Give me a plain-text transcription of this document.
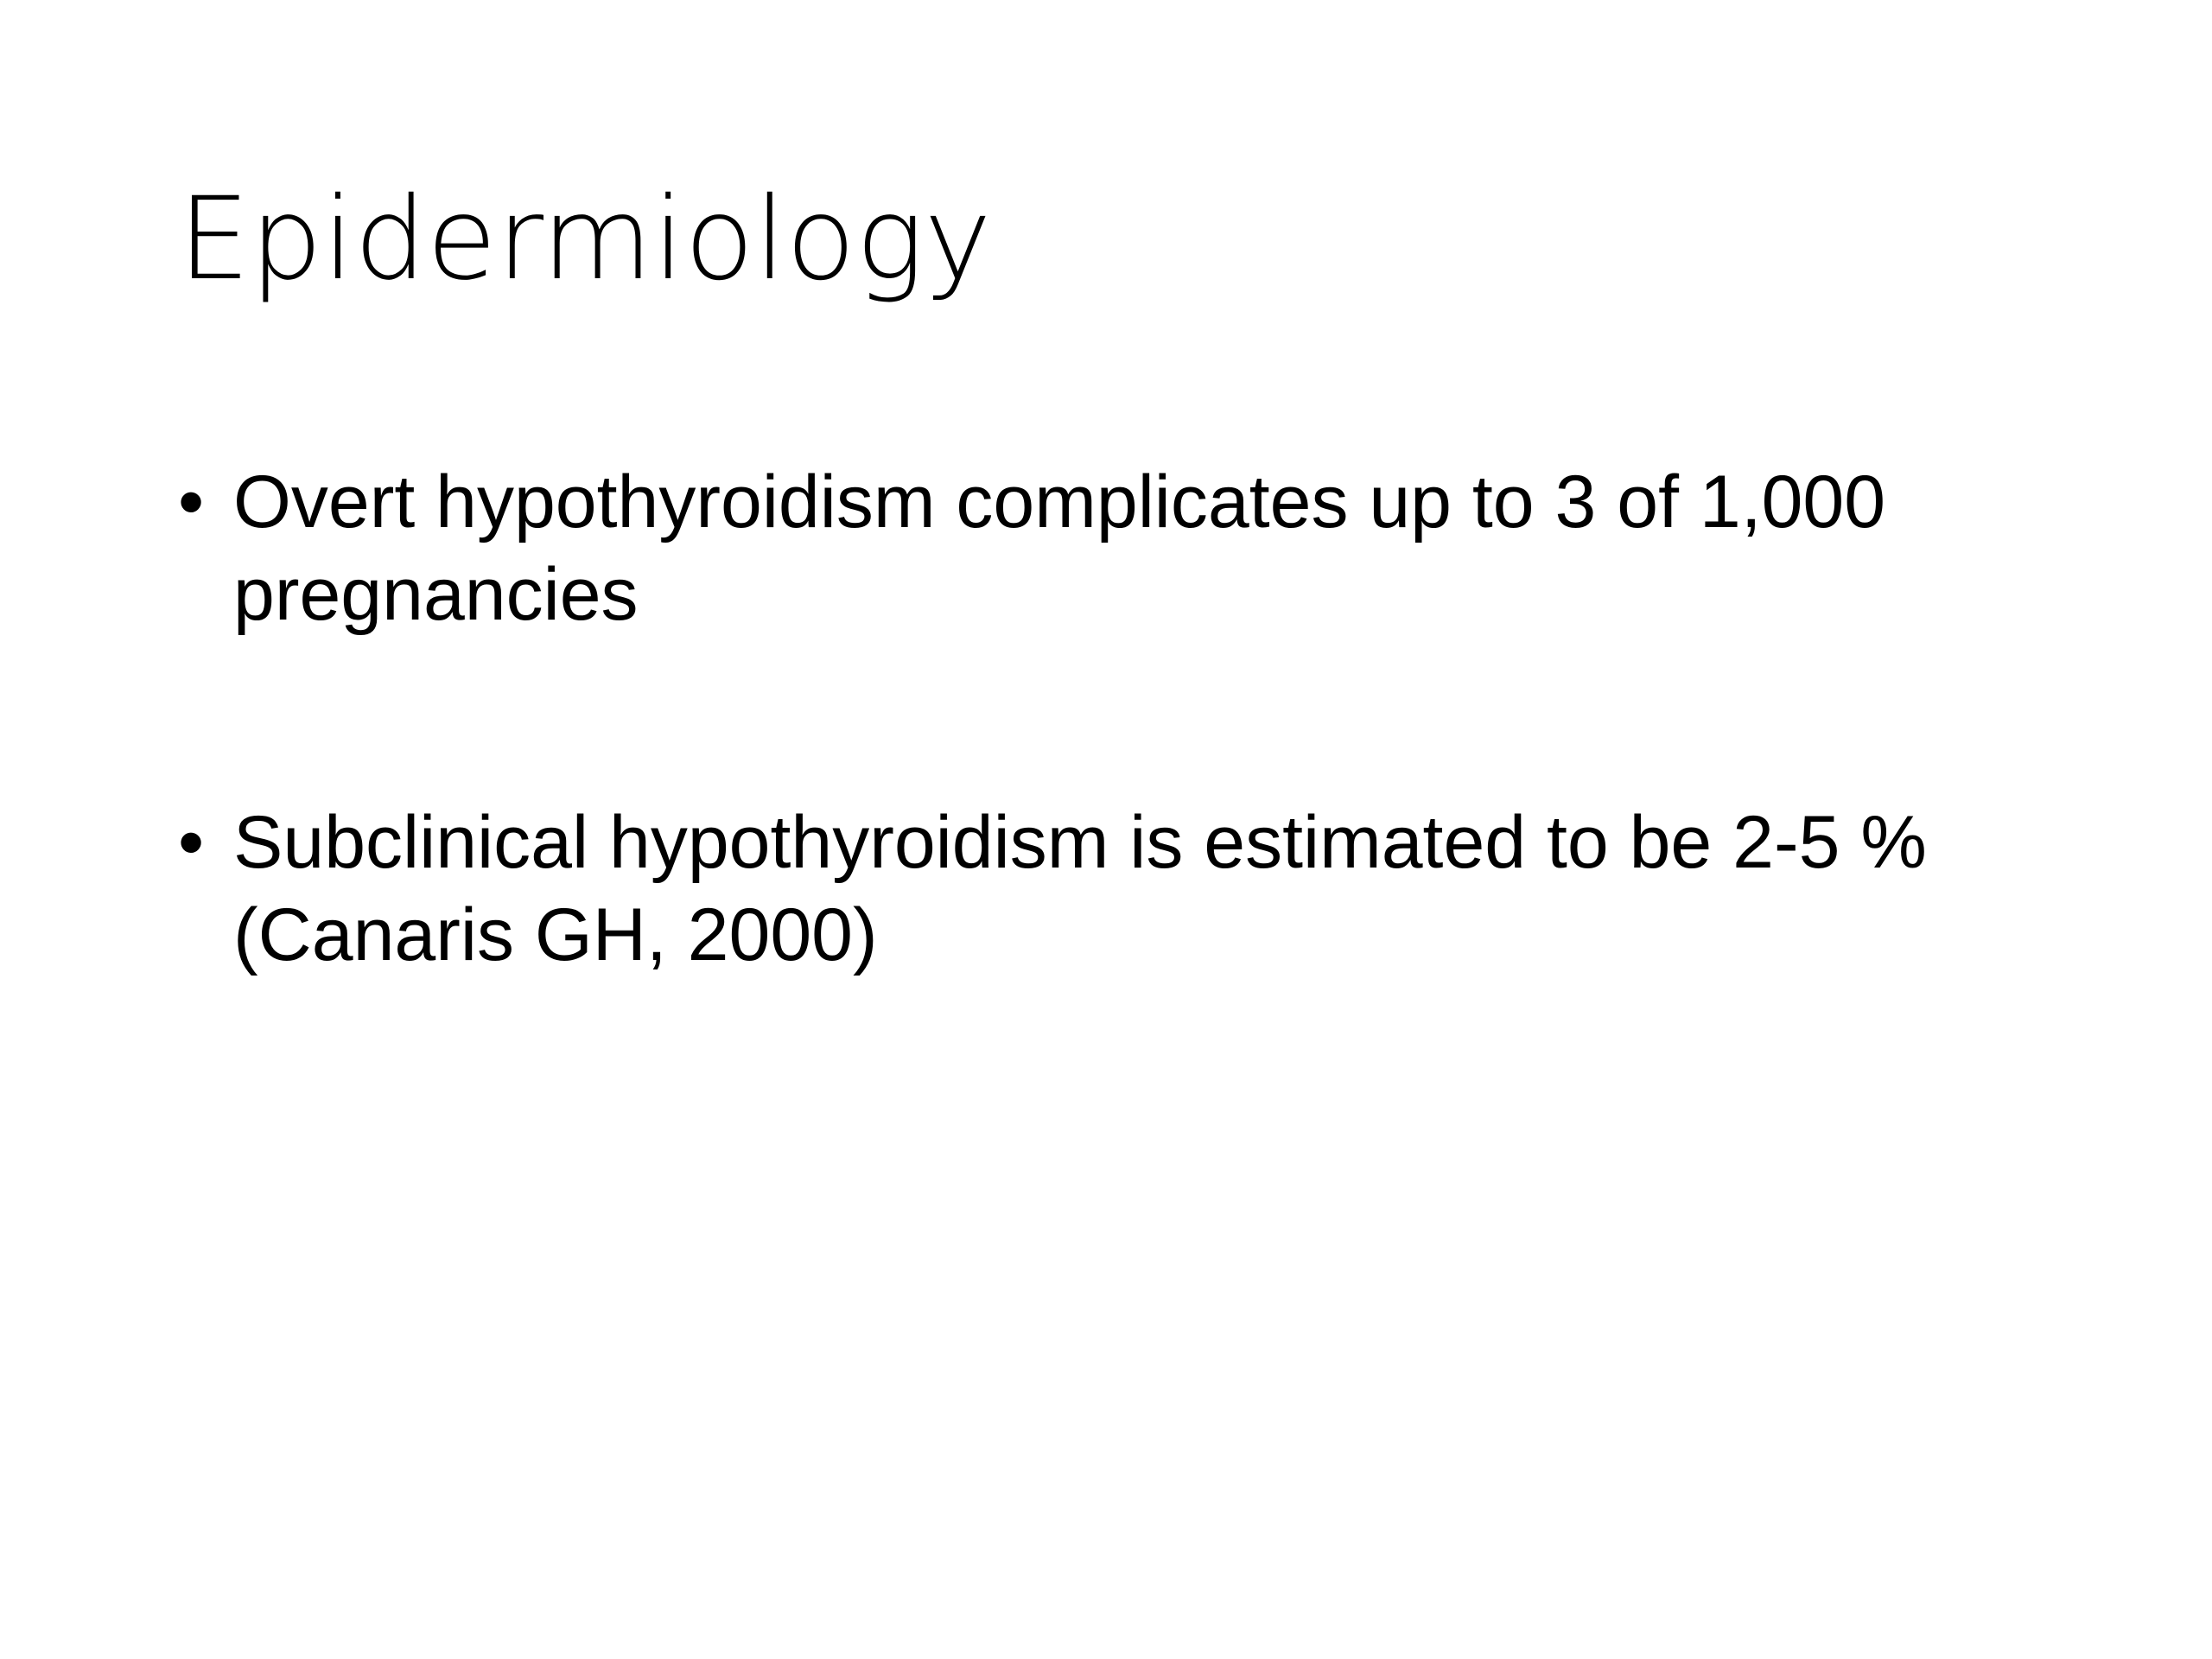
Epidermiology
• Overt hypothyroidism complicates up to 3 of 1,000
pregnancies
• Subclinical hypothyroidism is estimated to be 2-5 %
(Canaris GH, 2000)
